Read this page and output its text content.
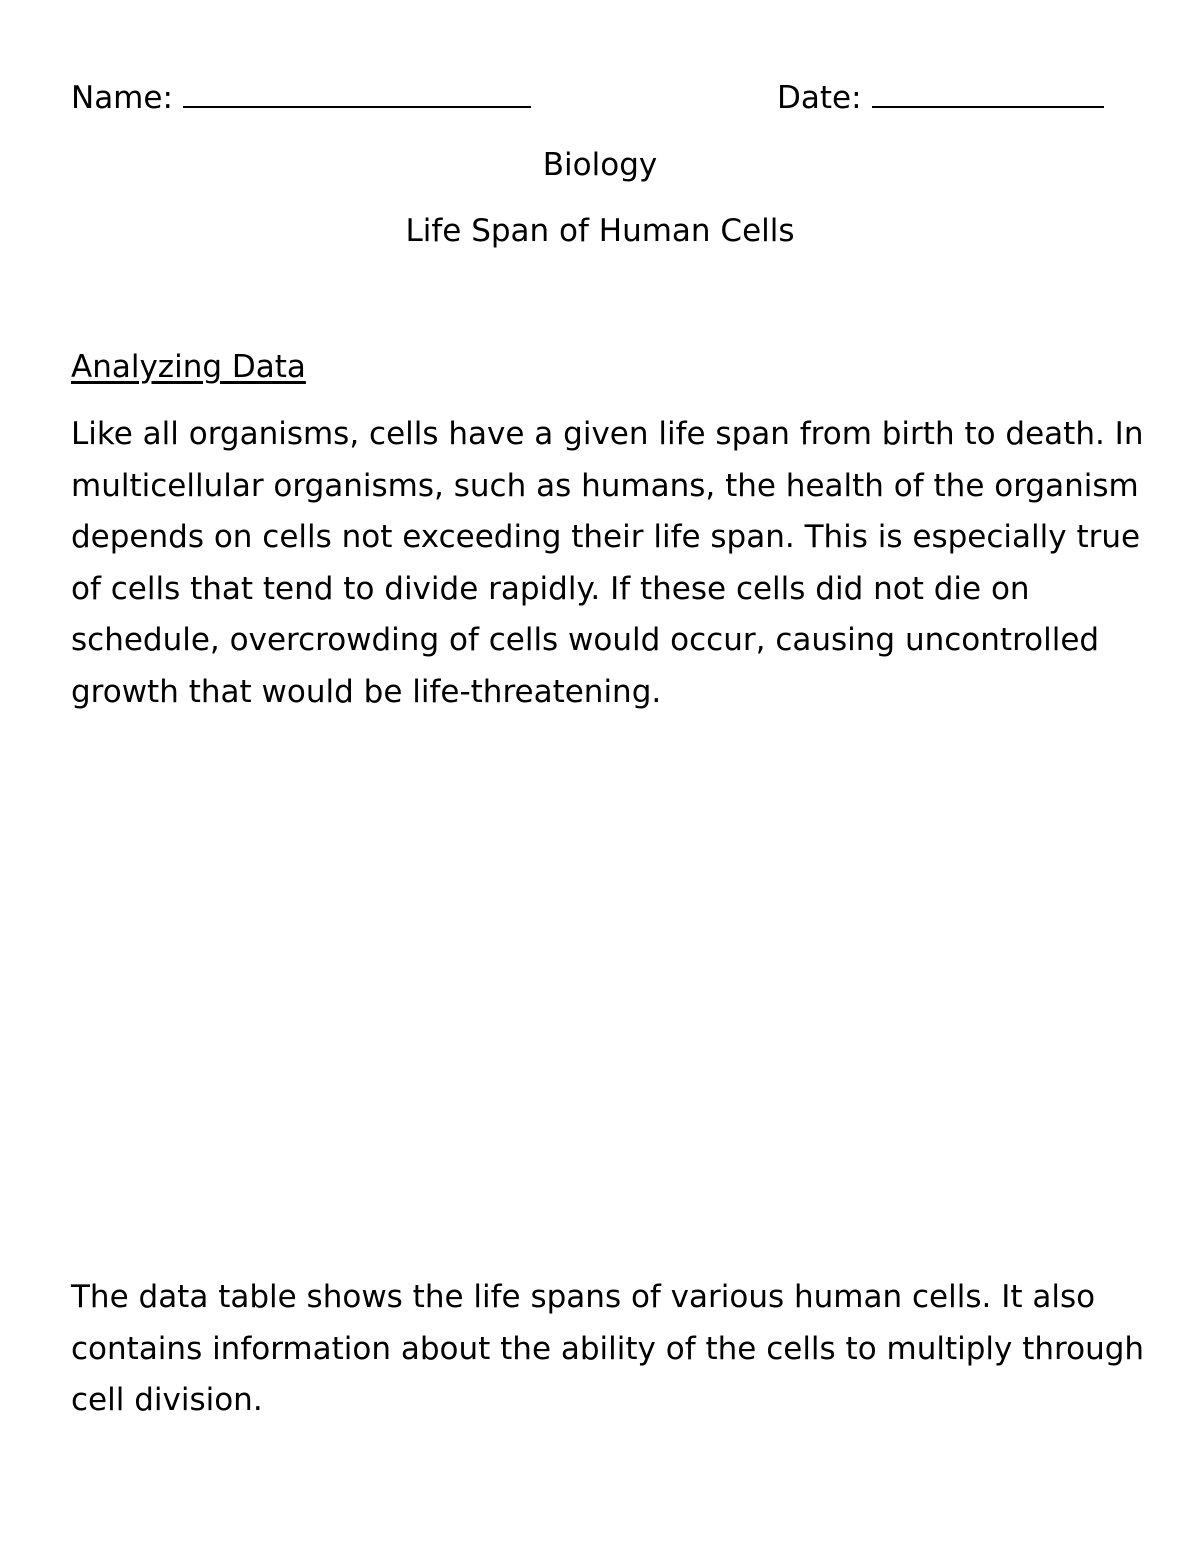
Name:	Date:
Biology
Life Span of Human Cells
Analyzing Data

Like all organisms, cells have a given life span from birth to death. In multicellular organisms, such as humans, the health of the organism depends on cells not exceeding their life span. This is especially true of cells that tend to divide rapidly. If these cells did not die on schedule, overcrowding of cells would occur, causing uncontrolled growth that would be life-threatening.

The data table shows the life spans of various human cells. It also contains information about the ability of the cells to multiply through cell division.
